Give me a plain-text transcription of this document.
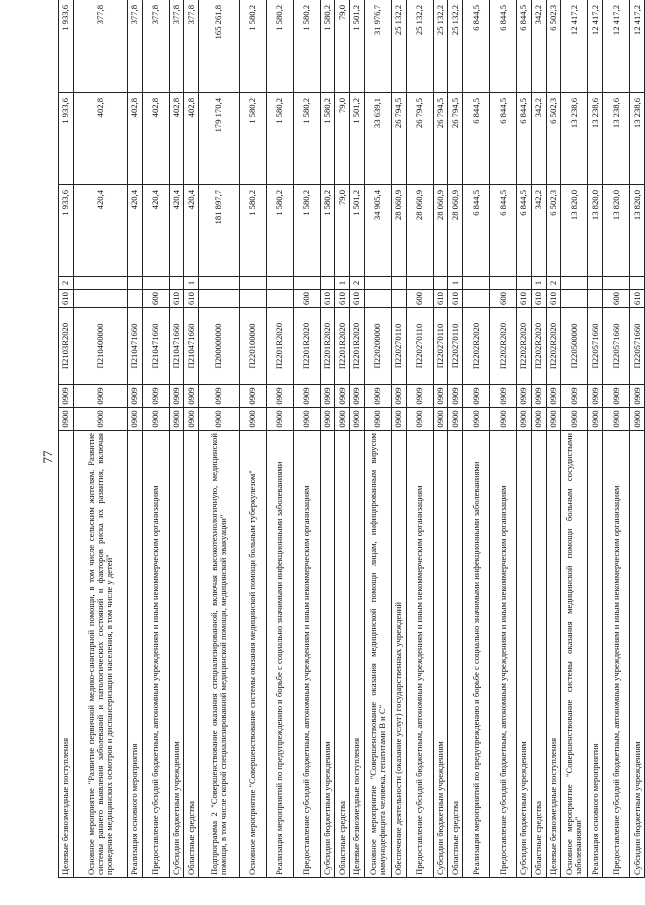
77
Целевые безвозмездные поступления	0900	0909	П2103R2020	610	2	1 933,6	1 933,6	1 933,6
Основное мероприятие "Развитие первичной медико-санитарной помощи, в том числе сельским жителям. Развитие системы раннего выявления заболеваний и патологических состояний и факторов риска их развития, включая проведение медицинских осмотров и диспансеризации населения, в том числе у детей"	0900	0909	П210400000			420,4	402,8	377,8
Реализация основного мероприятия	0900	0909	П210471660			420,4	402,8	377,8
Предоставление субсидий бюджетным, автономным учреждениям и иным некоммерческим организациям	0900	0909	П210471660	600		420,4	402,8	377,8
Субсидии бюджетным учреждениям	0900	0909	П210471660	610		420,4	402,8	377,8
Областные средства	0900	0909	П210471660	610	1	420,4	402,8	377,8
Подпрограмма 2 "Совершенствование оказания специализированной, включая высокотехнологичную, медицинской помощи, в том числе скорой специализированной медицинской помощи, медицинской эвакуации"	0900	0909	П200000000			181 897,7	179 170,4	165 261,8
Основное мероприятие "Совершенствование системы оказания медицинской помощи больным туберкулезом"	0900	0909	П220100000			1 580,2	1 580,2	1 580,2
Реализация мероприятий по предупреждению и борьбе с социально значимыми инфекционными заболеваниями	0900	0909	П2201R2020			1 580,2	1 580,2	1 580,2
Предоставление субсидий бюджетным, автономным учреждениям и иным некоммерческим организациям	0900	0909	П2201R2020	600		1 580,2	1 580,2	1 580,2
Субсидии бюджетным учреждениям	0900	0909	П2201R2020	610		1 580,2	1 580,2	1 580,2
Областные средства	0900	0909	П2201R2020	610	1	79,0	79,0	79,0
Целевые безвозмездные поступления	0900	0909	П2201R2020	610	2	1 501,2	1 501,2	1 501,2
Основное мероприятие "Совершенствование оказания медицинской помощи лицам, инфицированным вирусом иммунодефицита человека, гепатитами В и С"	0900	0909	П220200000			34 905,4	33 639,1	31 976,7
Обеспечение деятельности (оказание услуг) государственных учреждений	0900	0909	П220270110			28 060,9	26 794,5	25 132,2
Предоставление субсидий бюджетным, автономным учреждениям и иным некоммерческим организациям	0900	0909	П220270110	600		28 060,9	26 794,5	25 132,2
Субсидии бюджетным учреждениям	0900	0909	П220270110	610		28 060,9	26 794,5	25 132,2
Областные средства	0900	0909	П220270110	610	1	28 060,9	26 794,5	25 132,2
Реализация мероприятий по предупреждению и борьбе с социально значимыми инфекционными заболеваниями	0900	0909	П2202R2020			6 844,5	6 844,5	6 844,5
Предоставление субсидий бюджетным, автономным учреждениям и иным некоммерческим организациям	0900	0909	П2202R2020	600		6 844,5	6 844,5	6 844,5
Субсидии бюджетным учреждениям	0900	0909	П2202R2020	610		6 844,5	6 844,5	6 844,5
Областные средства	0900	0909	П2202R2020	610	1	342,2	342,2	342,2
Целевые безвозмездные поступления	0900	0909	П2202R2020	610	2	6 502,3	6 502,3	6 502,3
Основное мероприятие "Совершенствование системы оказания медицинской помощи больным сосудистыми заболеваниями"	0900	0909	П220500000			13 820,0	13 238,6	12 417,2
Реализация основного мероприятия	0900	0909	П220571660			13 820,0	13 238,6	12 417,2
Предоставление субсидий бюджетным, автономным учреждениям и иным некоммерческим организациям	0900	0909	П220571660	600		13 820,0	13 238,6	12 417,2
Субсидии бюджетным учреждениям	0900	0909	П220571660	610		13 820,0	13 238,6	12 417,2
